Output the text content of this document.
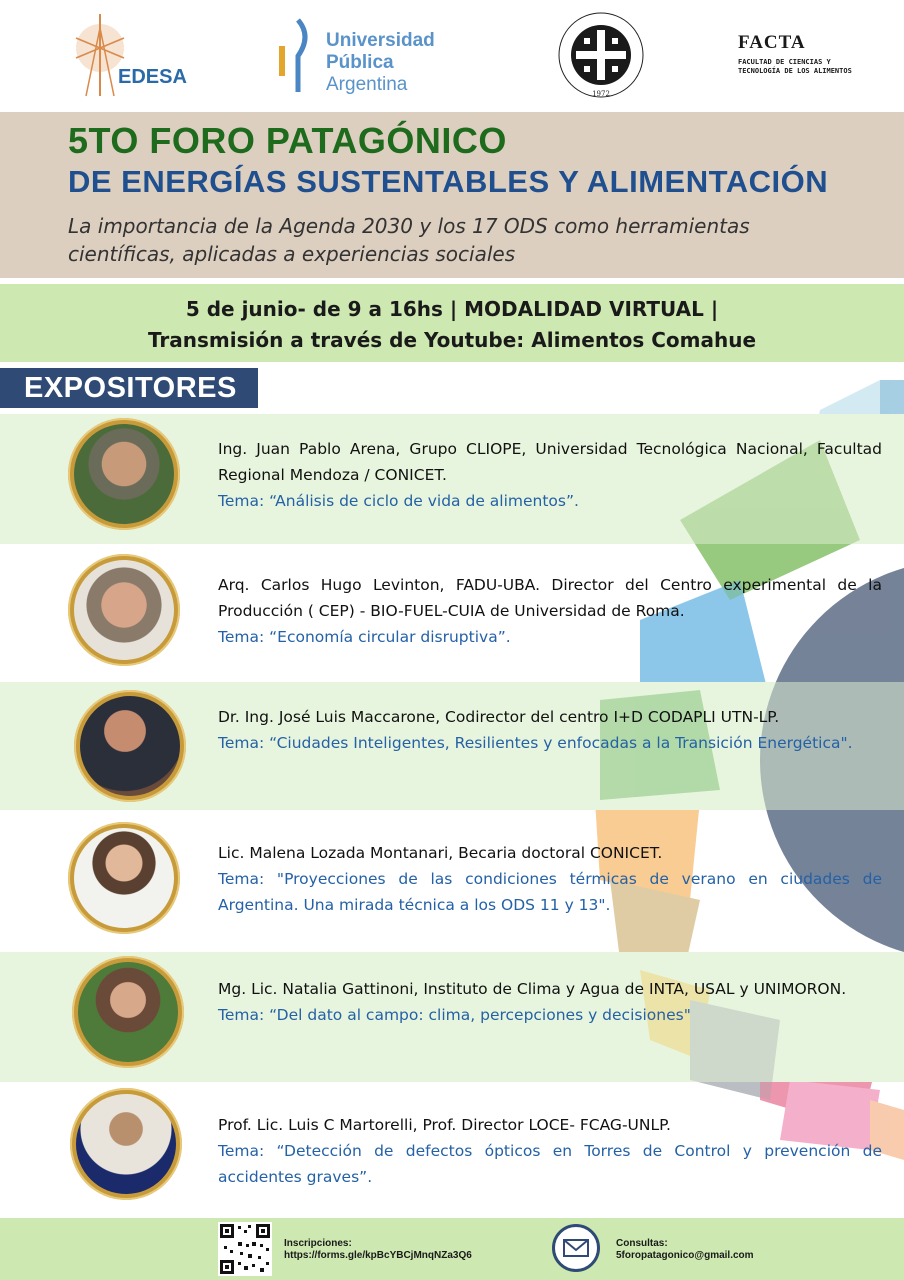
EDESA
Universidad
Pública
Argentina	1972
FACTA
FACULTAD DE CIENCIAS Y TECNOLOGÍA DE LOS ALIMENTOS
5TO FORO PATAGÓNICO
DE ENERGÍAS SUSTENTABLES Y ALIMENTACIÓN
La importancia de la Agenda 2030 y los 17 ODS como herramientas científicas, aplicadas a experiencias sociales
5 de junio- de 9 a 16hs | MODALIDAD VIRTUAL |
Transmisión a través de Youtube: Alimentos Comahue
EXPOSITORES
Ing. Juan Pablo Arena, Grupo CLIOPE, Universidad Tecnológica Nacional, Facultad Regional Mendoza / CONICET.
Tema: “Análisis de ciclo de vida de alimentos”.
Arq. Carlos Hugo Levinton, FADU-UBA. Director del Centro experimental de la Producción ( CEP) - BIO-FUEL-CUIA de Universidad de Roma.
Tema: “Economía circular disruptiva”.
Dr. Ing. José Luis Maccarone, Codirector del centro I+D CODAPLI UTN-LP.
Tema: “Ciudades Inteligentes, Resilientes y enfocadas a la Transición Energética".
Lic. Malena Lozada Montanari, Becaria doctoral CONICET.
Tema: "Proyecciones de las condiciones térmicas de verano en ciudades de Argentina. Una mirada técnica a los ODS 11 y 13".
Mg. Lic. Natalia Gattinoni, Instituto de Clima y Agua de INTA, USAL y UNIMORON.
Tema: “Del dato al campo: clima, percepciones y decisiones"
Prof. Lic. Luis C Martorelli, Prof. Director LOCE- FCAG-UNLP.
Tema: “Detección de defectos ópticos en Torres de Control y prevención de accidentes graves”.
Inscripciones:
https://forms.gle/kpBcYBCjMnqNZa3Q6
Consultas:
5foropatagonico@gmail.com
